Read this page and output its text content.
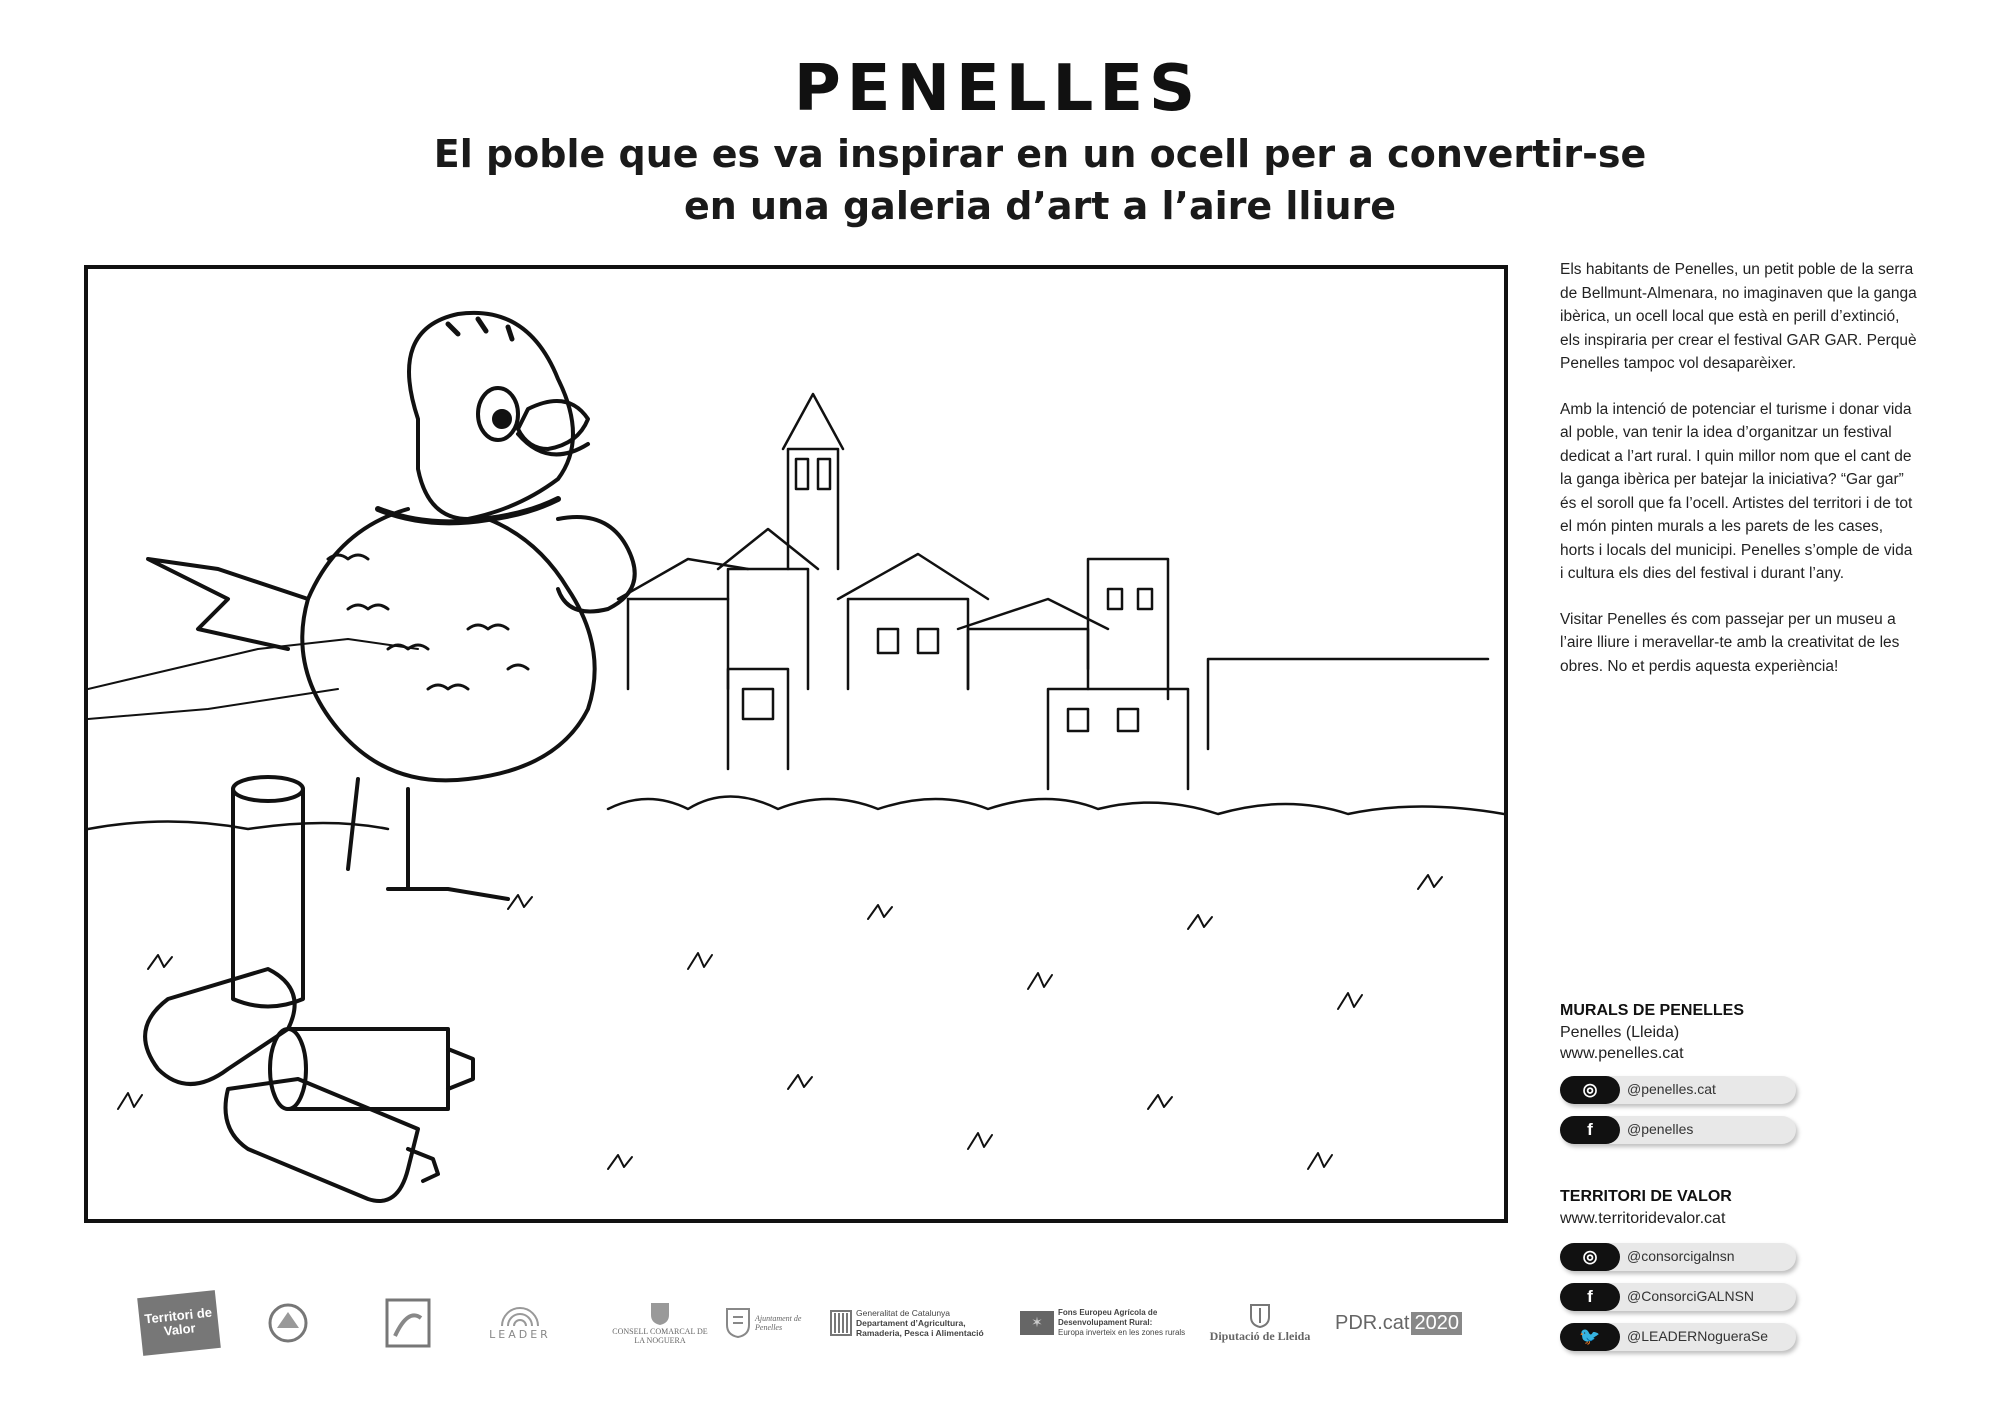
PENELLES
El poble que es va inspirar en un ocell per a convertir-se
en una galeria d’art a l’aire lliure

Els habitants de Penelles, un petit poble de la serra de Bellmunt-Almenara, no imaginaven que la ganga ibèrica, un ocell local que està en perill d’extinció, els inspiraria per crear el festival GAR GAR. Perquè Penelles tampoc vol desaparèixer.

Amb la intenció de potenciar el turisme i donar vida al poble, van tenir la idea d’organitzar un festival dedicat a l’art rural. I quin millor nom que el cant de la ganga ibèrica per batejar la iniciativa? “Gar gar” és el soroll que fa l’ocell. Artistes del territori i de tot el món pinten murals a les parets de les cases, horts i locals del municipi. Penelles s’omple de vida i cultura els dies del festival i durant l’any.

Visitar Penelles és com passejar per un museu a l’aire lliure i meravellar-te amb la creativitat de les obres. No et perdis aquesta experiència!

MURALS DE PENELLES
Penelles (Lleida)
www.penelles.cat
◎	@penelles.cat
f	@penelles
TERRITORI DE VALOR
www.territoridevalor.cat
◎	@consorcigalnsn
f	@ConsorciGALNSN
🐦	@LEADERNogueraSe
Territori de Valor	LEADER	CONSELL COMARCAL DE LA NOGUERA
Ajuntament de Penelles
Generalitat de Catalunya
Departament d’Agricultura,
Ramaderia, Pesca i Alimentació
✶
Fons Europeu Agrícola de
Desenvolupament Rural:
Europa inverteix en les zones rurals Diputació de Lleida
PDR.cat 2020
